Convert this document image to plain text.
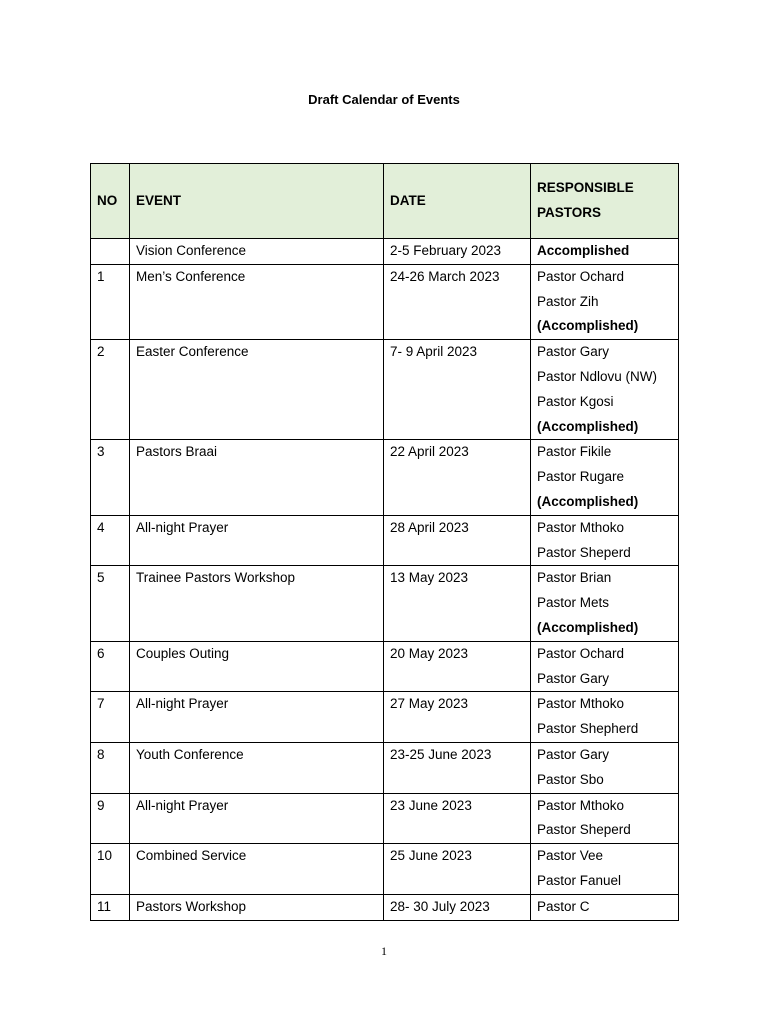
Draft Calendar of Events
NO	EVENT	DATE	RESPONSIBLE
PASTORS

	Vision Conference	2-5 February 2023	Accomplished

1	Men’s Conference	24-26 March 2023	Pastor Ochard
Pastor Zih
(Accomplished)

2	Easter Conference	7- 9 April 2023	Pastor Gary
Pastor Ndlovu (NW)
Pastor Kgosi
(Accomplished)

3	Pastors Braai	22 April 2023	Pastor Fikile
Pastor Rugare
(Accomplished)

4	All-night Prayer	28 April 2023	Pastor Mthoko
Pastor Sheperd

5	Trainee Pastors Workshop	13 May 2023	Pastor Brian
Pastor Mets
(Accomplished)

6	Couples Outing	20 May 2023	Pastor Ochard
Pastor Gary

7	All-night Prayer	27 May 2023	Pastor Mthoko
Pastor Shepherd

8	Youth Conference	23-25 June 2023	Pastor Gary
Pastor Sbo

9	All-night Prayer	23 June 2023	Pastor Mthoko
Pastor Sheperd

10	Combined Service	25 June 2023	Pastor Vee
Pastor Fanuel

11	Pastors Workshop	28- 30 July 2023	Pastor C
1
